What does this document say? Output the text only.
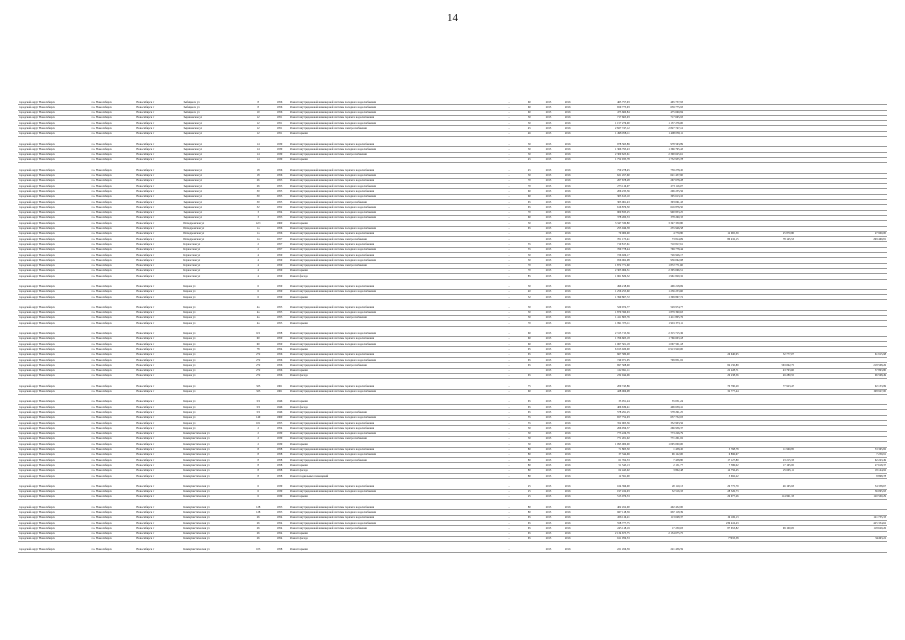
14
городской округ Новосибирск	г.о. Новосибирск	Новосибирск г	Зыбицкого ул	8	1956	Ремонт внутридомовой инженерной системы холодного водоснабжения	–	60	2015	2016	465 757,93	465 757,93				
городской округ Новосибирск	г.о. Новосибирск	Новосибирск г	Зыбицкого ул	8	1956	Ремонт внутридомовой инженерной системы холодного водоснабжения	–	60	2015	2016	659 775,93	659 775,93				
городской округ Новосибирск	г.о. Новосибирск	Новосибирск г	Зыбицкого ул	10	1956	Ремонт внутридомовой инженерной системы холодного водоснабжения	–	60	2015	2016	475 660,84	475 660,84				
городской округ Новосибирск	г.о. Новосибирск	Новосибирск г	Зыряновская ул	12	1951	Ремонт внутридомовой инженерной системы горячего водоснабжения	–	30	2015	2016	717 665,93	717 665,93				
городской округ Новосибирск	г.о. Новосибирск	Новосибирск г	Зыряновская ул	12	1951	Ремонт внутридомовой инженерной системы холодного водоснабжения	–	30	2015	2016	1 157 276,00	1 157 276,00				
городской округ Новосибирск	г.о. Новосибирск	Новосибирск г	Зыряновская ул	12	1951	Ремонт внутридомовой инженерной системы электроснабжения	–	45	2015	2016	2 827 747,12	2 827 747,12				
городской округ Новосибирск	г.о. Новосибирск	Новосибирск г	Зыряновская ул	12	1951	Ремонт крыши	–	46	2015	2016	1 498 058,11	1 498 058,11				

городской округ Новосибирск	г.о. Новосибирск	Новосибирск г	Зыряновская ул	14	1939	Ремонт внутридомовой инженерной системы горячего водоснабжения	–	30	2015	2016	978 563,89	978 563,89				
городской округ Новосибирск	г.о. Новосибирск	Новосибирск г	Зыряновская ул	14	1939	Ремонт внутридомовой инженерной системы холодного водоснабжения	–	30	2015	2016	1 366 795,43	1 366 795,43				
городской округ Новосибирск	г.о. Новосибирск	Новосибирск г	Зыряновская ул	14	1939	Ремонт внутридомовой инженерной системы электроснабжения	–	30	2015	2016	2 300 625,61	2 300 625,61				
городской округ Новосибирск	г.о. Новосибирск	Новосибирск г	Зыряновская ул	14	1939	Ремонт крыши	–	45	2015	2016	1 752 935,78	1 752 935,78				

городской округ Новосибирск	г.о. Новосибирск	Новосибирск г	Зыряновская ул	18	1956	Ремонт внутридомовой инженерной системы горячего водоснабжения	–	45	2015	2016	759 278,45	759 278,45				
городской округ Новосибирск	г.о. Новосибирск	Новосибирск г	Зыряновская ул	18	1956	Ремонт внутридомовой инженерной системы холодного водоснабжения	–	30	2015	2016	621 457,60	621 457,60				
городской округ Новосибирск	г.о. Новосибирск	Новосибирск г	Зыряновская ул	26	1953	Ремонт внутридомовой инженерной системы горячего водоснабжения	–	70	2015	2016	267 678,28	267 678,28				
городской округ Новосибирск	г.о. Новосибирск	Новосибирск г	Зыряновская ул	26	1953	Ремонт внутридомовой инженерной системы холодного водоснабжения	–	70	2015	2016	273 116,07	273 116,07				
городской округ Новосибирск	г.о. Новосибирск	Новосибирск г	Зыряновская ул	30	1955	Ремонт внутридомовой инженерной системы горячего водоснабжения	–	60	2015	2016	206 235,56	206 235,56				
городской округ Новосибирск	г.о. Новосибирск	Новосибирск г	Зыряновская ул	30	1955	Ремонт внутридомовой инженерной системы холодного водоснабжения	–	60	2015	2016	305 613,10	305 613,10				
городской округ Новосибирск	г.о. Новосибирск	Новосибирск г	Зыряновская ул	30	1955	Ремонт внутридомовой инженерной системы электроснабжения	–	65	2015	2016	303 061,43	303 061,43				
городской округ Новосибирск	г.о. Новосибирск	Новосибирск г	Зыряновская ул	32	1952	Ремонт внутридомовой инженерной системы холодного водоснабжения	–	65	2015	2016	616 876,50	616 876,50				
городской округ Новосибирск	г.о. Новосибирск	Новосибирск г	Зыряновская ул	3	1954	Ремонт внутридомовой инженерной системы холодного водоснабжения	–	70	2015	2016	900 833,25	900 833,25				
городской округ Новосибирск	г.о. Новосибирск	Новосибирск г	Зыряновская ул	3	1953	Ремонт внутридомовой инженерной системы холодного водоснабжения	–	60	2015	2016	378 260,33	378 260,33				
городской округ Новосибирск	г.о. Новосибирск	Новосибирск г	Ипподромская ул	12/1	1960	Ремонт крыши	–	30	2015	2016	3 347 330,80	3 347 330,80				
городской округ Новосибирск	г.о. Новосибирск	Новосибирск г	Ипподромская ул	1а	1956	Ремонт внутридомовой инженерной системы холодного водоснабжения	–	65	2015	2016	255 946,58	255 946,58				
городской округ Новосибирск	г.о. Новосибирск	Новосибирск г	Ипподромская ул	1а	1956	Ремонт внутридомовой инженерной системы горячего водоснабжения	–		2015	2016	79 000,00	4 770,80	12 065,39	25 870,80		27 900,00
городской округ Новосибирск	г.о. Новосибирск	Новосибирск г	Ипподромская ул	1а	1957	Ремонт внутридомовой инженерной системы электроснабжения	–		2015	2016	701 175,41	73 814,09	80 432,15	78 145,53		299 469,81
городской округ Новосибирск	г.о. Новосибирск	Новосибирск г	Каунасская ул	2	1957	Ремонт внутридомовой инженерной системы горячего водоснабжения	–	35	2015	2016	710 817,61	710 817,61				
городской округ Новосибирск	г.о. Новосибирск	Новосибирск г	Каунасская ул	2	1957	Ремонт внутридомовой инженерной системы холодного водоснабжения	–	35	2015	2016	769 778,44	769 778,44				
городской округ Новосибирск	г.о. Новосибирск	Новосибирск г	Каунасская ул	4	1959	Ремонт внутридомовой инженерной системы горячего водоснабжения	–	30	2015	2016	726 926,17	726 926,17				
городской округ Новосибирск	г.о. Новосибирск	Новосибирск г	Каунасская ул	4	1959	Ремонт внутридомовой инженерной системы холодного водоснабжения	–	30	2015	2016	956 062,08	956 062,08				
городской округ Новосибирск	г.о. Новосибирск	Новосибирск г	Каунасская ул	4	1959	Ремонт внутридомовой инженерной системы электроснабжения	–	70	2015	2016	1 872 771,60	1 872 771,60				
городской округ Новосибирск	г.о. Новосибирск	Новосибирск г	Каунасская ул	4	1959	Ремонт крыши	–	70	2015	2016	2 305 066,51	2 305 066,51				
городской округ Новосибирск	г.о. Новосибирск	Новосибирск г	Каунасская ул	4	1959	Ремонт фасада	–	85	2015	2016	1 961 829,32	1 961 829,32				

городской округ Новосибирск	г.о. Новосибирск	Новосибирск г	Кирова ул	6	1959	Ремонт внутридомовой инженерной системы горячего водоснабжения	–	30	2015	2016	496 218,69	496 218,69				
городской округ Новосибирск	г.о. Новосибирск	Новосибирск г	Кирова ул	6	1959	Ремонт внутридомовой инженерной системы холодного водоснабжения	–	40	2015	2016	1 256 253,60	1 256 253,60				
городской округ Новосибирск	г.о. Новосибирск	Новосибирск г	Кирова ул	6	1959	Ремонт крыши	–	32	2015	2016	1 399 867,72	1 399 867,72				

городской округ Новосибирск	г.о. Новосибирск	Новосибирск г	Кирова ул	4а	1955	Ремонт внутридомовой инженерной системы горячего водоснабжения	–	30	2015	2016	529 974,77	529 974,77				
городской округ Новосибирск	г.о. Новосибирск	Новосибирск г	Кирова ул	4а	1955	Ремонт внутридомовой инженерной системы холодного водоснабжения	–	30	2015	2016	1 879 390,63	1 879 390,63				
городской округ Новосибирск	г.о. Новосибирск	Новосибирск г	Кирова ул	4а	1955	Ремонт внутридомовой инженерной системы электроснабжения	–	30	2015	2016	1 411 805,76	1 411 805,76				
городской округ Новосибирск	г.о. Новосибирск	Новосибирск г	Кирова ул	4а	1955	Ремонт крыши	–	70	2015	2016	1 991 373,11	1 991 373,11				

городской округ Новосибирск	г.о. Новосибирск	Новосибирск г	Кирова ул	6/2	1958	Ремонт внутридомовой инженерной системы холодного водоснабжения	–	60	2015	2016	2 315 715,36	2 315 715,36				
городской округ Новосибирск	г.о. Новосибирск	Новосибирск г	Кирова ул	60	1950	Ремонт внутридомовой инженерной системы горячего водоснабжения	–	60	2015	2016	1 766 603,18	1 766 603,18				
городской округ Новосибирск	г.о. Новосибирск	Новосибирск г	Кирова ул	60	1950	Ремонт внутридомовой инженерной системы холодного водоснабжения	–	60	2015	2016	1 067 501,18	1 067 501,18				
городской округ Новосибирск	г.о. Новосибирск	Новосибирск г	Кирова ул	78	1954	Ремонт крыши	–	95	2015	2016	6 913 920,00	6 913 920,00				
городской округ Новосибирск	г.о. Новосибирск	Новосибирск г	Кирова ул	272	1956	Ремонт внутридомовой инженерной системы горячего водоснабжения	–	65	2015	2016	667 580,00		26 640,95	32 777,07		61 915,98
городской округ Новосибирск	г.о. Новосибирск	Новосибирск г	Кирова ул	272	1956	Ремонт внутридомовой инженерной системы холодного водоснабжения	–	65	2015	2016	749 071,05	709 851,02				
городской округ Новосибирск	г.о. Новосибирск	Новосибирск г	Кирова ул	272	1956	Ремонт внутридомовой инженерной системы электроснабжения	–	65	2015	2016	697 508,90		84 150,89	563 692,75		218 508,26
городской округ Новосибирск	г.о. Новосибирск	Новосибирск г	Кирова ул	272	1956	Ремонт крыши	–		2015	2016	122 691,11		22 228,71	43 793,60		37 893,80
городской округ Новосибирск	г.о. Новосибирск	Новосибирск г	Кирова ул	272	1956	Ремонт фасада	–	65	2015	2016	232 944,06		29 238,56	49 280,55		96 598,49

городской округ Новосибирск	г.о. Новосибирск	Новосибирск г	Кирова ул	325	1961	Ремонт внутридомовой инженерной системы горячего водоснабжения	–	75	2015	2016	209 743,86		70 790,29	77 923,47		92 153,99
городской округ Новосибирск	г.о. Новосибирск	Новосибирск г	Кирова ул	325	1961	Ремонт внутридомовой инженерной системы холодного водоснабжения	–	60	2015	2016	428 066,98		32 777,44			198 927,00

городской округ Новосибирск	г.о. Новосибирск	Новосибирск г	Кирова ул	3/2	1946	Ремонт крыши	–	65	2015	2016	35 051,24	35 051,24				
городской округ Новосибирск	г.о. Новосибирск	Новосибирск г	Кирова ул	3/2	1946	Ремонт фасада	–	65	2015	2016	406 639,41	406 639,41				
городской округ Новосибирск	г.о. Новосибирск	Новосибирск г	Кирова ул	3/2	1946	Ремонт внутридомовой инженерной системы электроснабжения	–	65	2015	2016	578 291,25	578 291,25				
городской округ Новосибирск	г.о. Новосибирск	Новосибирск г	Кирова ул	149	1960	Ремонт внутридомовой инженерной системы холодного водоснабжения	–	35	2015	2016	657 752,03	657 752,03				
городской округ Новосибирск	г.о. Новосибирск	Новосибирск г	Кирова ул	101	1955	Ремонт внутридомовой инженерной системы горячего водоснабжения	–	35	2015	2016	352 903,56	352 903,56				
городской округ Новосибирск	г.о. Новосибирск	Новосибирск г	Кирова ул	2	1954	Ремонт внутридомовой инженерной системы горячего водоснабжения	–	30	2015	2016	266 956,37	266 956,37				
городской округ Новосибирск	г.о. Новосибирск	Новосибирск г	Коммунистическая ул	2	1939	Ремонт внутридомовой инженерной системы холодного водоснабжения	–	30	2015	2016	773 226,79	773 226,79				
городской округ Новосибирск	г.о. Новосибирск	Новосибирск г	Коммунистическая ул	2	1939	Ремонт внутридомовой инженерной системы электроснабжения	–	30	2015	2016	771 201,02	771 201,02				
городской округ Новосибирск	г.о. Новосибирск	Новосибирск г	Коммунистическая ул	2	1939	Ремонт крыши	–	30	2015	2016	1 095 000,00	1 095 000,00				
городской округ Новосибирск	г.о. Новосибирск	Новосибирск г	Коммунистическая ул	8	1958	Ремонт внутридомовой инженерной системы горячего водоснабжения	–	80	2015	2016	71 803,50	1 458,45	5 768,78	11 960,85		53 365,82
городской округ Новосибирск	г.о. Новосибирск	Новосибирск г	Коммунистическая ул	8	1958	Ремонт внутридомовой инженерной системы холодного водоснабжения	–	80	2015	2016	37 344,69	96 122,00	6 896,67			7 259,91
городской округ Новосибирск	г.о. Новосибирск	Новосибирск г	Коммунистическая ул	8	1958	Ремонт внутридомовой инженерной системы электроснабжения	–	80	2015	2016	61 764,53	7 458,80	17 127,80	23 215,33		62 243,49
городской округ Новосибирск	г.о. Новосибирск	Новосибирск г	Коммунистическая ул	8	1958	Ремонт крыши	–	80	2015	2016	51 543,13	2 151,77	7 586,02	17 165,95		27 618,37
городской округ Новосибирск	г.о. Новосибирск	Новосибирск г	Коммунистическая ул	8	1958	Ремонт фасада	–	80	2015	2016	62 443,02	3 802,48	14 756,45	25 695,11		18 144,92
городской округ Новосибирск	г.о. Новосибирск	Новосибирск г	Коммунистическая ул	8	1958	Ремонт подвальных помещений	–	80	2015	2016	12 591,00		3 692,22			8 898,78

городской округ Новосибирск	г.о. Новосибирск	Новосибирск г	Коммунистическая ул	6	1939	Ремонт внутридомовой инженерной системы горячего водоснабжения	–	25	2015	2016	164 396,00	20 110,13	29 775,79	46 165,93		34 358,67
городской округ Новосибирск	г.о. Новосибирск	Новосибирск г	Коммунистическая ул	6	1939	Ремонт внутридомовой инженерной системы холодного водоснабжения	–	25	2015	2016	197 434,93	32 516,33	28 326,73			36 095,93
городской округ Новосибирск	г.о. Новосибирск	Новосибирск г	Коммунистическая ул	6	1939	Ремонт крыши	–	25	2015	2016	513 076,53		29 977,26	114 991,33		120 500,29

городской округ Новосибирск	г.о. Новосибирск	Новосибирск г	Коммунистическая ул	128	1953	Ремонт внутридомовой инженерной системы горячего водоснабжения	–	80	2015	2016	402 452,00	402 452,00				
городской округ Новосибирск	г.о. Новосибирск	Новосибирск г	Коммунистическая ул	128	1953	Ремонт внутридомовой инженерной системы холодного водоснабжения	–	80	2015	2016	667 118,39	667 118,39				
городской округ Новосибирск	г.о. Новосибирск	Новосибирск г	Коммунистическая ул	26	1954	Ремонт внутридомовой инженерной системы горячего водоснабжения	–	65	2015	2016	456 116,21	113 048,37	19 106,13			121 755,33
городской округ Новосибирск	г.о. Новосибирск	Новосибирск г	Коммунистическая ул	26	1954	Ремонт внутридомовой инженерной системы холодного водоснабжения	–	65	2015	2016	558 777,75		239 416,43			425 334,62
городской округ Новосибирск	г.о. Новосибирск	Новосибирск г	Коммунистическая ул	26	1954	Ремонт внутридомовой инженерной системы электроснабжения	–	65	2015	2016	245 118,19	17 230,03	87 653,82	99 100,05		118 629,26
городской округ Новосибирск	г.о. Новосибирск	Новосибирск г	Коммунистическая ул	26	1954	Ремонт крыши	–	65	2015	2016	2 134 675,75	2 134 675,75				
городской округ Новосибирск	г.о. Новосибирск	Новосибирск г	Коммунистическая ул	26	1954	Ремонт фасада	–	65	2015	2016	611 059,53		77933,58			92493,22

городской округ Новосибирск	г.о. Новосибирск	Новосибирск г	Коммунистическая ул	103	1958	Ремонт крыши	–		2015	2016	221 456,59	221 456,59				
